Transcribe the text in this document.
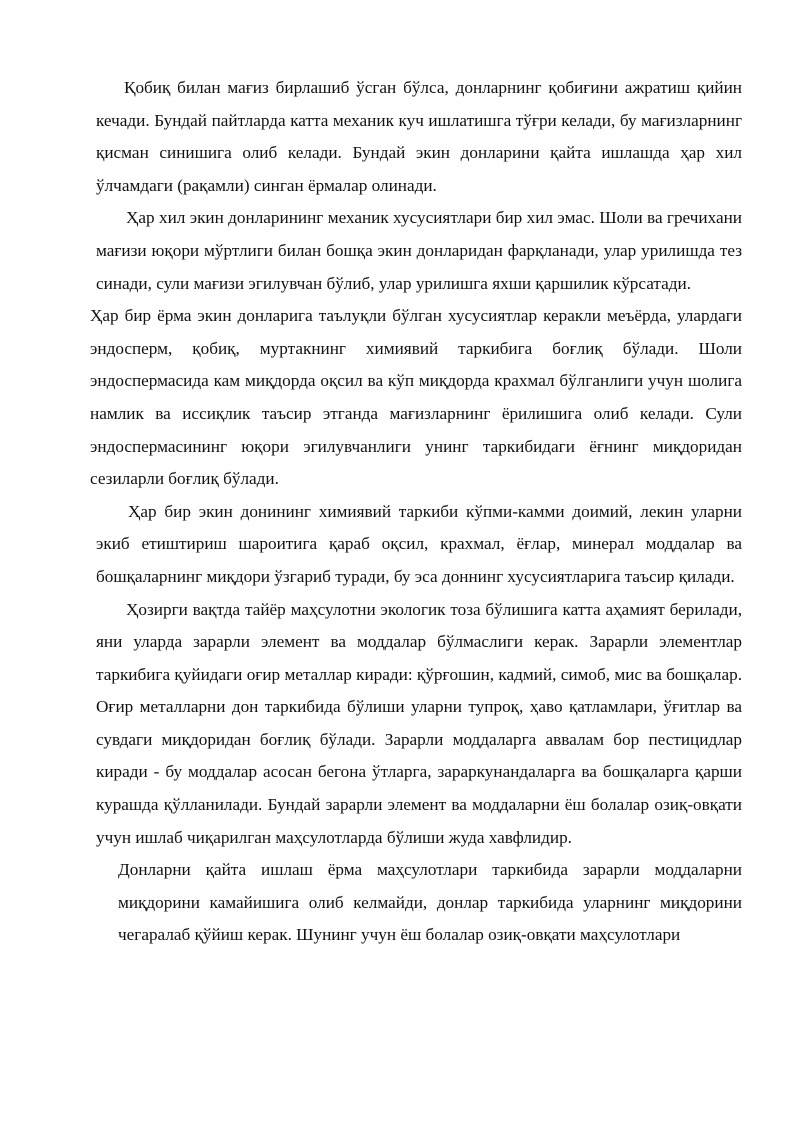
Қобиқ билан мағиз бирлашиб ўсган бўлса, донларнинг қобиғини ажратиш қийин кечади. Бундай пайтларда катта механик куч ишлатишга тўғри келади, бу мағизларнинг қисман синишига олиб келади. Бундай экин донларини қайта ишлашда ҳар хил ўлчамдаги (рақамли) синган ёрмалар олинади.

Ҳар хил экин донларининг механик хусусиятлари бир хил эмас. Шоли ва гречихани мағизи юқори мўртлиги билан бошқа экин донларидан фарқланади, улар урилишда тез синади, сули мағизи эгилувчан бўлиб, улар урилишга яхши қаршилик кўрсатади.

Ҳар бир ёрма экин донларига таълуқли бўлган хусусиятлар керакли меъёрда, улардаги эндосперм, қобиқ, муртакнинг химиявий таркибига боғлиқ бўлади. Шоли эндоспермасида кам миқдорда оқсил ва кўп миқдорда крахмал бўлганлиги учун шолига намлик ва иссиқлик таъсир этганда мағизларнинг ёрилишига олиб келади. Сули эндоспермасининг юқори эгилувчанлиги унинг таркибидаги ёғнинг миқдоридан сезиларли боғлиқ бўлади.

Ҳар бир экин донининг химиявий таркиби кўпми-камми доимий, лекин уларни экиб етиштириш шароитига қараб оқсил, крахмал, ёғлар, минерал моддалар ва бошқаларнинг миқдори ўзгариб туради, бу эса доннинг хусусиятларига таъсир қилади.

Ҳозирги вақтда тайёр маҳсулотни экологик тоза бўлишига катта аҳамият берилади, яни уларда зарарли элемент ва моддалар бўлмаслиги керак. Зарарли элементлар таркибига қуйидаги оғир металлар киради: қўрғошин, кадмий, симоб, мис ва бошқалар. Оғир металларни дон таркибида бўлиши уларни тупроқ, ҳаво қатламлари, ўғитлар ва сувдаги миқдоридан боғлиқ бўлади. Зарарли моддаларга аввалам бор пестицидлар киради - бу моддалар асосан бегона ўтларга, зараркунандаларга ва бошқаларга қарши курашда қўлланилади. Бундай зарарли элемент ва моддаларни ёш болалар озиқ-овқати учун ишлаб чиқарилган маҳсулотларда бўлиши жуда хавфлидир.

Донларни қайта ишлаш ёрма маҳсулотлари таркибида зарарли моддаларни миқдорини камайишига олиб келмайди, донлар таркибида уларнинг миқдорини чегаралаб қўйиш керак. Шунинг учун ёш болалар озиқ-овқати маҳсулотлари
